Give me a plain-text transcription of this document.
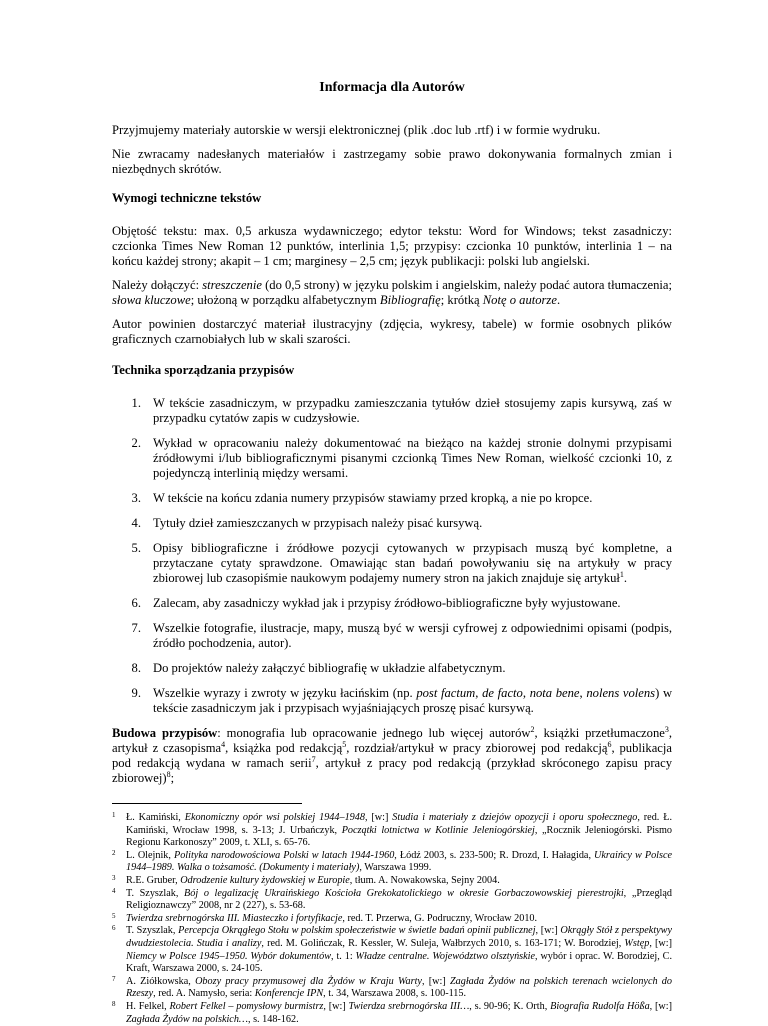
Informacja dla Autorów

Przyjmujemy materiały autorskie w wersji elektronicznej (plik .doc lub .rtf) i w formie wydruku.

Nie zwracamy nadesłanych materiałów i zastrzegamy sobie prawo dokonywania formalnych zmian i niezbędnych skrótów.

Wymogi techniczne tekstów

Objętość tekstu: max. 0,5 arkusza wydawniczego; edytor tekstu: Word for Windows; tekst zasadniczy: czcionka Times New Roman 12 punktów, interlinia 1,5; przypisy: czcionka 10 punktów, interlinia 1 – na końcu każdej strony; akapit – 1 cm; marginesy – 2,5 cm; język publikacji: polski lub angielski.

Należy dołączyć: streszczenie (do 0,5 strony) w języku polskim i angielskim, należy podać autora tłumaczenia; słowa kluczowe; ułożoną w porządku alfabetycznym Bibliografię; krótką Notę o autorze.

Autor powinien dostarczyć materiał ilustracyjny (zdjęcia, wykresy, tabele) w formie osobnych plików graficznych czarnobiałych lub w skali szarości.

Technika sporządzania przypisów
1. W tekście zasadniczym, w przypadku zamieszczania tytułów dzieł stosujemy zapis kursywą, zaś w przypadku cytatów zapis w cudzysłowie.
2. Wykład w opracowaniu należy dokumentować na bieżąco na każdej stronie dolnymi przypisami źródłowymi i/lub bibliograficznymi pisanymi czcionką Times New Roman, wielkość czcionki 10, z pojedynczą interlinią między wersami.
3. W tekście na końcu zdania numery przypisów stawiamy przed kropką, a nie po kropce.
4. Tytuły dzieł zamieszczanych w przypisach należy pisać kursywą.
5. Opisy bibliograficzne i źródłowe pozycji cytowanych w przypisach muszą być kompletne, a przytaczane cytaty sprawdzone. Omawiając stan badań powoływaniu się na artykuły w pracy zbiorowej lub czasopiśmie naukowym podajemy numery stron na jakich znajduje się artykuł$^1$.
6. Zalecam, aby zasadniczy wykład jak i przypisy źródłowo-bibliograficzne były wyjustowane.
7. Wszelkie fotografie, ilustracje, mapy, muszą być w wersji cyfrowej z odpowiednimi opisami (podpis, źródło pochodzenia, autor).
8. Do projektów należy załączyć bibliografię w układzie alfabetycznym.
9. Wszelkie wyrazy i zwroty w języku łacińskim (np. post factum, de facto, nota bene, nolens volens) w tekście zasadniczym jak i przypisach wyjaśniających proszę pisać kursywą.

Budowa przypisów: monografia lub opracowanie jednego lub więcej autorów$^2$, książki przetłumaczone$^3$, artykuł z czasopisma$^4$, książka pod redakcją$^5$, rozdział/artykuł w pracy zbiorowej pod redakcją$^6$, publikacja pod redakcją wydana w ramach serii$^7$, artykuł z pracy pod redakcją (przykład skróconego zapisu pracy zbiorowej)$^8$;

1 Ł. Kamiński, Ekonomiczny opór wsi polskiej 1944–1948, [w:] Studia i materiały z dziejów opozycji i oporu społecznego, red. Ł. Kamiński, Wrocław 1998, s. 3-13; J. Urbańczyk, Początki lotnictwa w Kotlinie Jeleniogórskiej, „Rocznik Jeleniogórski. Pismo Regionu Karkonoszy” 2009, t. XLI, s. 65-76.
2 L. Olejnik, Polityka narodowościowa Polski w latach 1944-1960, Łódź 2003, s. 233-500; R. Drozd, I. Hałagida, Ukraińcy w Polsce 1944–1989. Walka o tożsamość. (Dokumenty i materiały), Warszawa 1999.
3 R.E. Gruber, Odrodzenie kultury żydowskiej w Europie, tłum. A. Nowakowska, Sejny 2004.
4 T. Szyszlak, Bój o legalizację Ukraińskiego Kościoła Grekokatolickiego w okresie Gorbaczowowskiej pierestrojki, „Przegląd Religioznawczy” 2008, nr 2 (227), s. 53-68.
5 Twierdza srebrnogórska III. Miasteczko i fortyfikacje, red. T. Przerwa, G. Podruczny, Wrocław 2010.
6 T. Szyszlak, Percepcja Okrągłego Stołu w polskim społeczeństwie w świetle badań opinii publicznej, [w:] Okrągły Stół z perspektywy dwudziestolecia. Studia i analizy, red. M. Golińczak, R. Kessler, W. Suleja, Wałbrzych 2010, s. 163-171; W. Borodziej, Wstęp, [w:] Niemcy w Polsce 1945–1950. Wybór dokumentów, t. 1: Władze centralne. Województwo olsztyńskie, wybór i oprac. W. Borodziej, C. Kraft, Warszawa 2000, s. 24-105.
7 A. Ziółkowska, Obozy pracy przymusowej dla Żydów w Kraju Warty, [w:] Zagłada Żydów na polskich terenach wcielonych do Rzeszy, red. A. Namysło, seria: Konferencje IPN, t. 34, Warszawa 2008, s. 100-115.
8 H. Felkel, Robert Felkel – pomysłowy burmistrz, [w:] Twierdza srebrnogórska III…, s. 90-96; K. Orth, Biografia Rudolfa Hößa, [w:] Zagłada Żydów na polskich…, s. 148-162.
